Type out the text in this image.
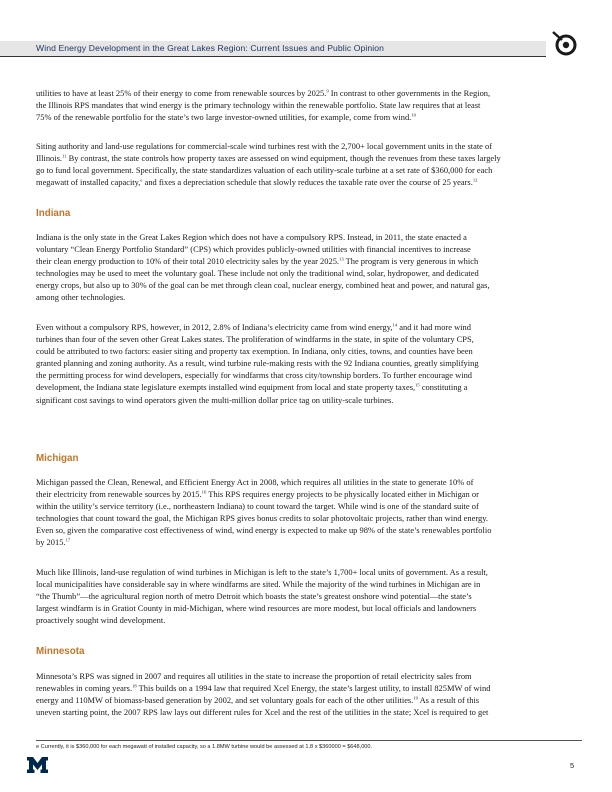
Wind Energy Development in the Great Lakes Region: Current Issues and Public Opinion
utilities to have at least 25% of their energy to come from renewable sources by 2025.$^9$ In contrast to other governments in the Region,
the Illinois RPS mandates that wind energy is the primary technology within the renewable portfolio. State law requires that at least
75% of the renewable portfolio for the state’s two large investor-owned utilities, for example, come from wind.$^{10}$
Siting authority and land-use regulations for commercial-scale wind turbines rest with the 2,700+ local government units in the state of
Illinois.$^{11}$ By contrast, the state controls how property taxes are assessed on wind equipment, though the revenues from these taxes largely
go to fund local government. Specifically, the state standardizes valuation of each utility-scale turbine at a set rate of $360,000 for each
megawatt of installed capacity,$^e$ and fixes a depreciation schedule that slowly reduces the taxable rate over the course of 25 years.$^{12}$
Indiana
Indiana is the only state in the Great Lakes Region which does not have a compulsory RPS. Instead, in 2011, the state enacted a
voluntary “Clean Energy Portfolio Standard” (CPS) which provides publicly-owned utilities with financial incentives to increase
their clean energy production to 10% of their total 2010 electricity sales by the year 2025.13 The program is very generous in which
technologies may be used to meet the voluntary goal. These include not only the traditional wind, solar, hydropower, and dedicated
energy crops, but also up to 30% of the goal can be met through clean coal, nuclear energy, combined heat and power, and natural gas,
among other technologies.
Even without a compulsory RPS, however, in 2012, 2.8% of Indiana’s electricity came from wind energy,$^{14}$ and it had more wind
turbines than four of the seven other Great Lakes states. The proliferation of windfarms in the state, in spite of the voluntary CPS,
could be attributed to two factors: easier siting and property tax exemption. In Indiana, only cities, towns, and counties have been
granted planning and zoning authority. As a result, wind turbine rule-making rests with the 92 Indiana counties, greatly simplifying
the permitting process for wind developers, especially for windfarms that cross city/township borders. To further encourage wind
development, the Indiana state legislature exempts installed wind equipment from local and state property taxes,$^{15}$ constituting a
significant cost savings to wind operators given the multi-million dollar price tag on utility-scale turbines.
Michigan
Michigan passed the Clean, Renewal, and Efficient Energy Act in 2008, which requires all utilities in the state to generate 10% of
their electricity from renewable sources by 2015.16 This RPS requires energy projects to be physically located either in Michigan or
within the utility’s service territory (i.e., northeastern Indiana) to count toward the target. While wind is one of the standard suite of
technologies that count toward the goal, the Michigan RPS gives bonus credits to solar photovoltaic projects, rather than wind energy.
Even so, given the comparative cost effectiveness of wind, wind energy is expected to make up 98% of the state’s renewables portfolio
by 2015.17
Much like Illinois, land-use regulation of wind turbines in Michigan is left to the state’s 1,700+ local units of government. As a result,
local municipalities have considerable say in where windfarms are sited. While the majority of the wind turbines in Michigan are in
“the Thumb”—the agricultural region north of metro Detroit which boasts the state’s greatest onshore wind potential—the state’s
largest windfarm is in Gratiot County in mid-Michigan, where wind resources are more modest, but local officials and landowners
proactively sought wind development.
Minnesota
Minnesota’s RPS was signed in 2007 and requires all utilities in the state to increase the proportion of retail electricity sales from
renewables in coming years.$^{18}$ This builds on a 1994 law that required Xcel Energy, the state’s largest utility, to install 825MW of wind
energy and 110MW of biomass-based generation by 2002, and set voluntary goals for each of the other utilities.$^{19}$ As a result of this
uneven starting point, the 2007 RPS law lays out different rules for Xcel and the rest of the utilities in the state; Xcel is required to get
e Currently, it is $360,000 for each megawatt of installed capacity, so a 1.8MW turbine would be assessed at 1.8 x $360000 = $648,000.
5
